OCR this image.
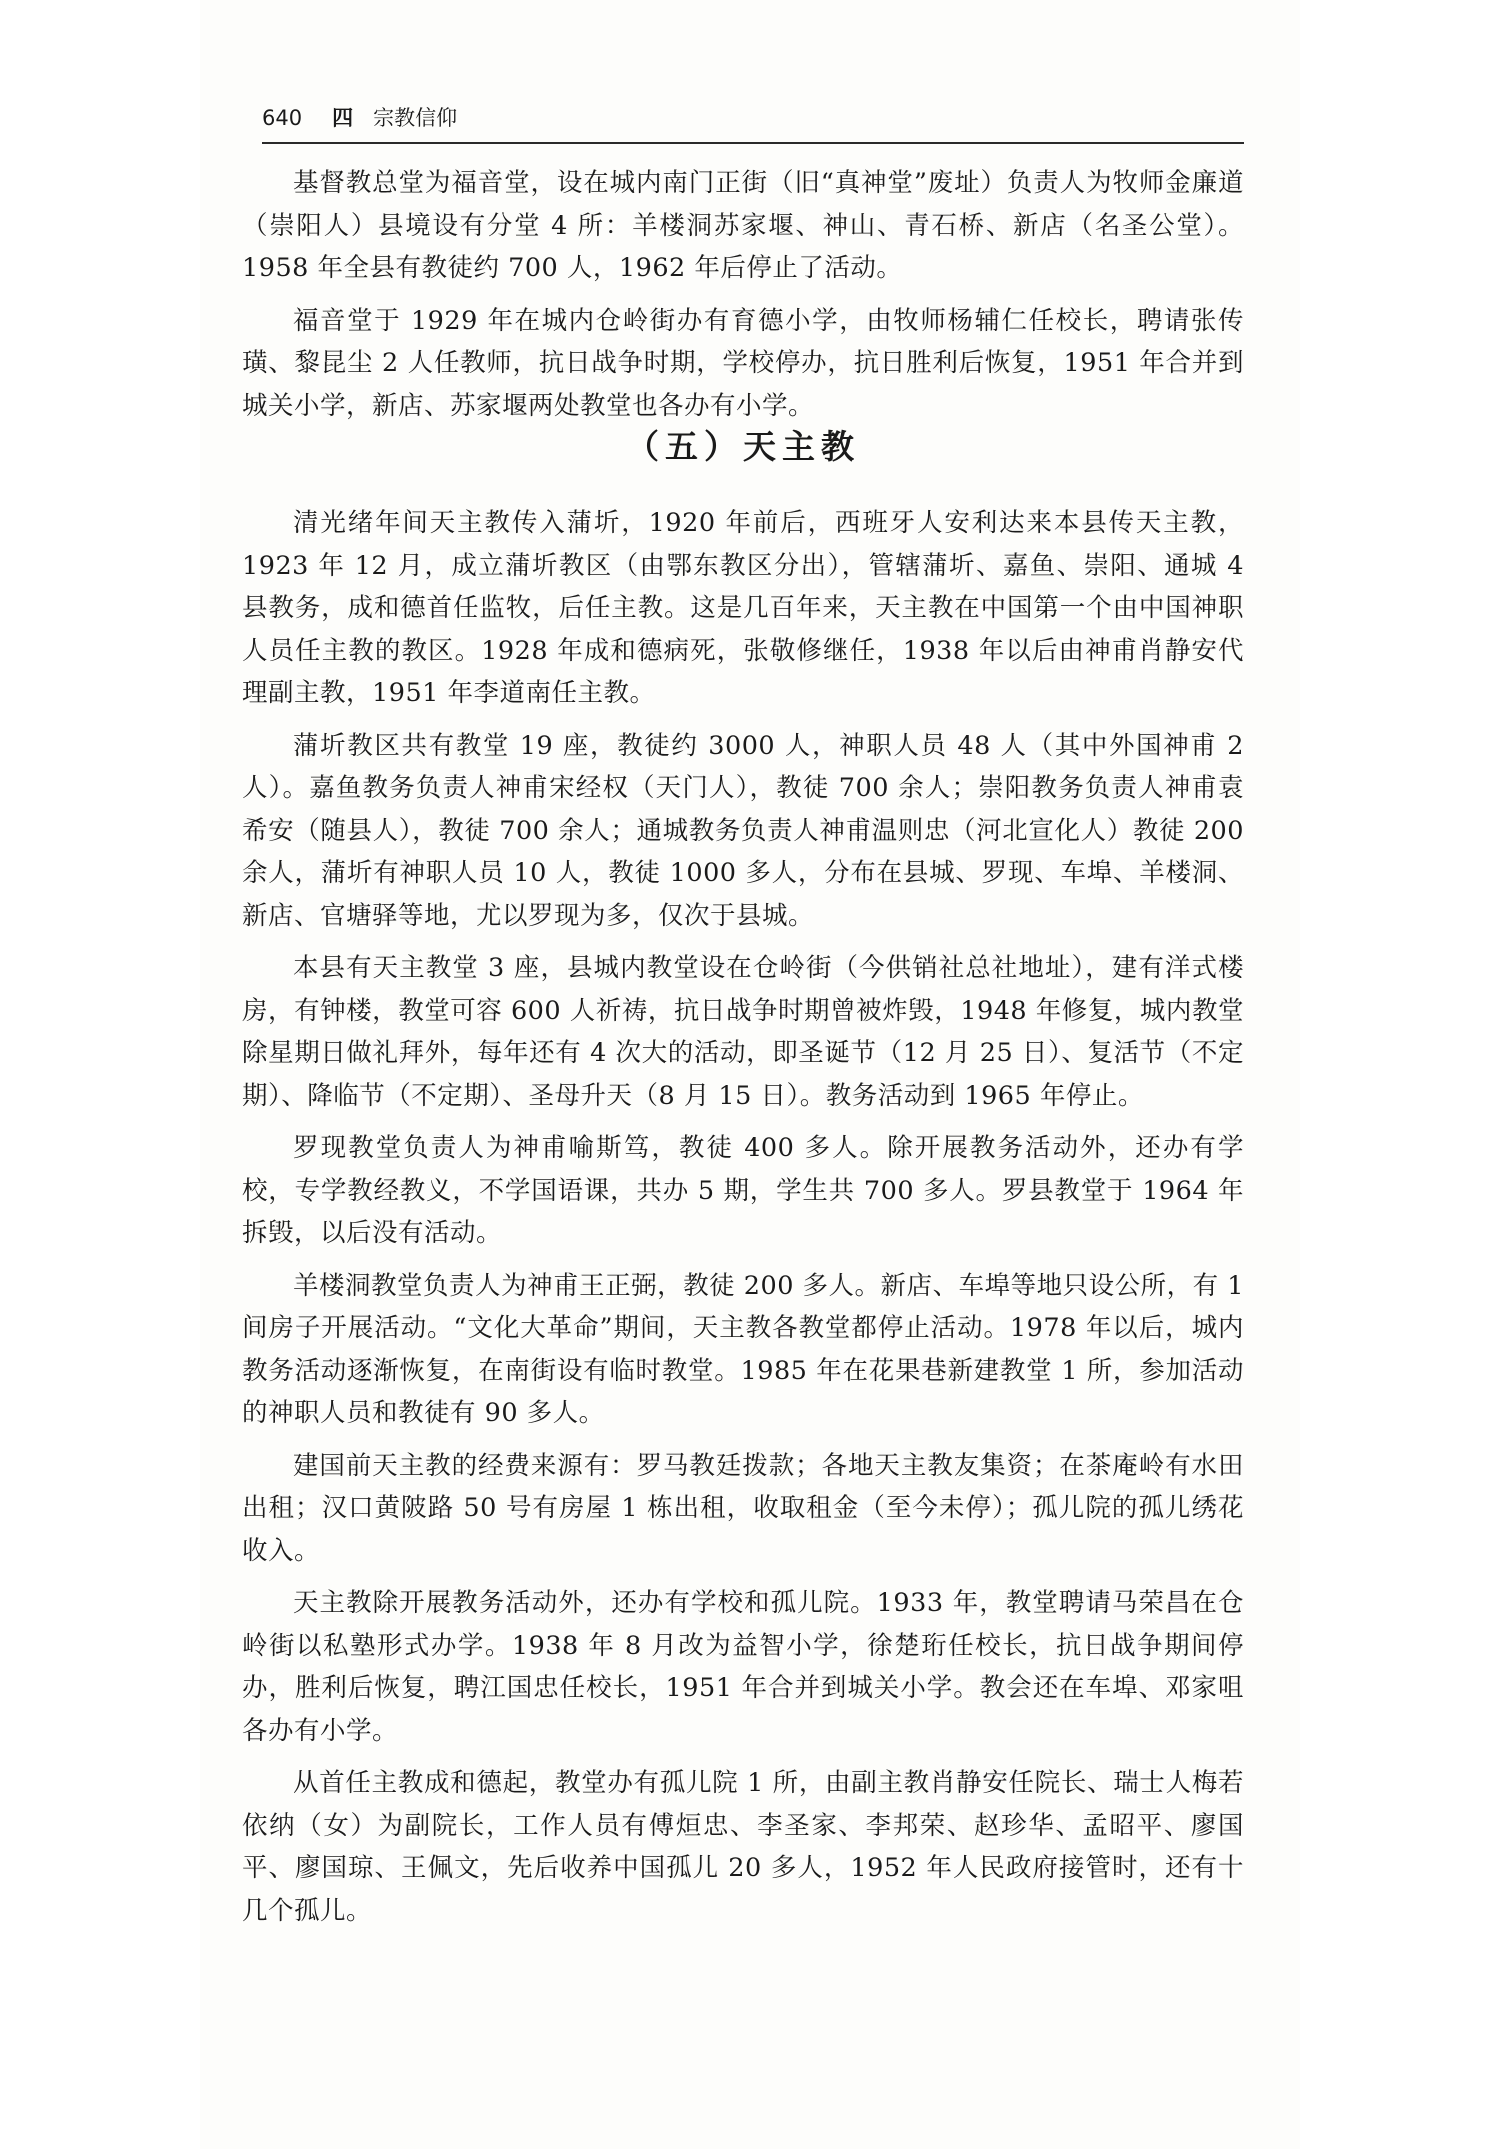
640 四 宗教信仰

基督教总堂为福音堂，设在城内南门正街（旧“真神堂”废址）负责人为牧师金廉道（崇阳人）县境设有分堂 4 所：羊楼洞苏家堰、神山、青石桥、新店（名圣公堂）。1958 年全县有教徒约 700 人，1962 年后停止了活动。

福音堂于 1929 年在城内仓岭街办有育德小学，由牧师杨辅仁任校长，聘请张传璜、黎昆尘 2 人任教师，抗日战争时期，学校停办，抗日胜利后恢复，1951 年合并到城关小学，新店、苏家堰两处教堂也各办有小学。

（五）天主教

清光绪年间天主教传入蒲圻，1920 年前后，西班牙人安利达来本县传天主教，1923 年 12 月，成立蒲圻教区（由鄂东教区分出），管辖蒲圻、嘉鱼、崇阳、通城 4 县教务，成和德首任监牧，后任主教。这是几百年来，天主教在中国第一个由中国神职人员任主教的教区。1928 年成和德病死，张敬修继任，1938 年以后由神甫肖静安代理副主教，1951 年李道南任主教。

蒲圻教区共有教堂 19 座，教徒约 3000 人，神职人员 48 人（其中外国神甫 2 人）。嘉鱼教务负责人神甫宋经权（天门人），教徒 700 余人；崇阳教务负责人神甫袁希安（随县人），教徒 700 余人；通城教务负责人神甫温则忠（河北宣化人）教徒 200 余人，蒲圻有神职人员 10 人，教徒 1000 多人，分布在县城、罗现、车埠、羊楼洞、新店、官塘驿等地，尤以罗现为多，仅次于县城。

本县有天主教堂 3 座，县城内教堂设在仓岭街（今供销社总社地址），建有洋式楼房，有钟楼，教堂可容 600 人祈祷，抗日战争时期曾被炸毁，1948 年修复，城内教堂除星期日做礼拜外，每年还有 4 次大的活动，即圣诞节（12 月 25 日）、复活节（不定期）、降临节（不定期）、圣母升天（8 月 15 日）。教务活动到 1965 年停止。

罗现教堂负责人为神甫喻斯笃，教徒 400 多人。除开展教务活动外，还办有学校，专学教经教义，不学国语课，共办 5 期，学生共 700 多人。罗县教堂于 1964 年拆毁，以后没有活动。

羊楼洞教堂负责人为神甫王正弼，教徒 200 多人。新店、车埠等地只设公所，有 1 间房子开展活动。“文化大革命”期间，天主教各教堂都停止活动。1978 年以后，城内教务活动逐渐恢复，在南街设有临时教堂。1985 年在花果巷新建教堂 1 所，参加活动的神职人员和教徒有 90 多人。

建国前天主教的经费来源有：罗马教廷拨款；各地天主教友集资；在茶庵岭有水田出租；汉口黄陂路 50 号有房屋 1 栋出租，收取租金（至今未停）；孤儿院的孤儿绣花收入。

天主教除开展教务活动外，还办有学校和孤儿院。1933 年，教堂聘请马荣昌在仓岭街以私塾形式办学。1938 年 8 月改为益智小学，徐楚珩任校长，抗日战争期间停办，胜利后恢复，聘江国忠任校长，1951 年合并到城关小学。教会还在车埠、邓家咀各办有小学。

从首任主教成和德起，教堂办有孤儿院 1 所，由副主教肖静安任院长、瑞士人梅若依纳（女）为副院长，工作人员有傅烜忠、李圣家、李邦荣、赵珍华、孟昭平、廖国平、廖国琼、王佩文，先后收养中国孤儿 20 多人，1952 年人民政府接管时，还有十几个孤儿。
